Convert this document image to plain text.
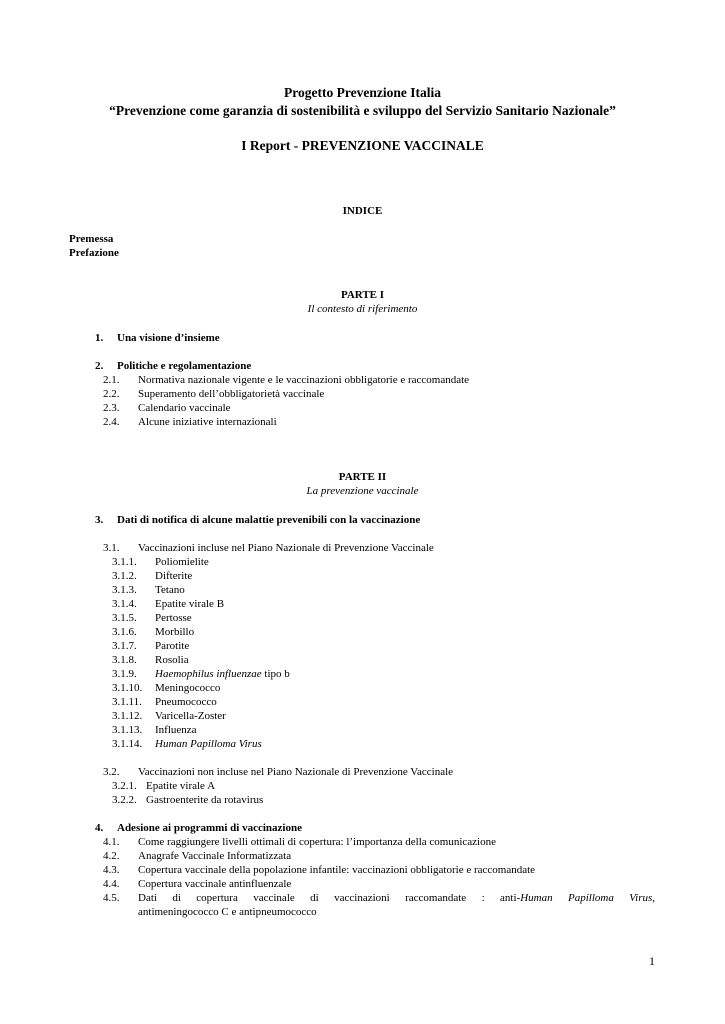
Progetto Prevenzione Italia
“Prevenzione come garanzia di sostenibilità e sviluppo del Servizio Sanitario Nazionale”
I Report - PREVENZIONE VACCINALE
INDICE
Premessa
Prefazione
PARTE I
Il contesto di riferimento
1. Una visione d’insieme
2. Politiche e regolamentazione
2.1. Normativa nazionale vigente e le vaccinazioni obbligatorie e raccomandate
2.2. Superamento dell’obbligatorietà vaccinale
2.3. Calendario vaccinale
2.4. Alcune iniziative internazionali
PARTE II
La prevenzione vaccinale
3. Dati di notifica di alcune malattie prevenibili con la vaccinazione
3.1. Vaccinazioni incluse nel Piano Nazionale di Prevenzione Vaccinale
3.1.1. Poliomielite
3.1.2. Difterite
3.1.3. Tetano
3.1.4. Epatite virale B
3.1.5. Pertosse
3.1.6. Morbillo
3.1.7. Parotite
3.1.8. Rosolia
3.1.9. Haemophilus influenzae tipo b
3.1.10. Meningococco
3.1.11. Pneumococco
3.1.12. Varicella-Zoster
3.1.13. Influenza
3.1.14. Human Papilloma Virus
3.2. Vaccinazioni non incluse nel Piano Nazionale di Prevenzione Vaccinale
3.2.1. Epatite virale A
3.2.2. Gastroenterite da rotavirus
4. Adesione ai programmi di vaccinazione
4.1. Come raggiungere livelli ottimali di copertura: l’importanza della comunicazione
4.2. Anagrafe Vaccinale Informatizzata
4.3. Copertura vaccinale della popolazione infantile: vaccinazioni obbligatorie e raccomandate
4.4. Copertura vaccinale antinfluenzale
4.5. Dati di copertura vaccinale di vaccinazioni raccomandate : anti-Human Papilloma Virus,
antimeningococco C e antipneumococco
1
